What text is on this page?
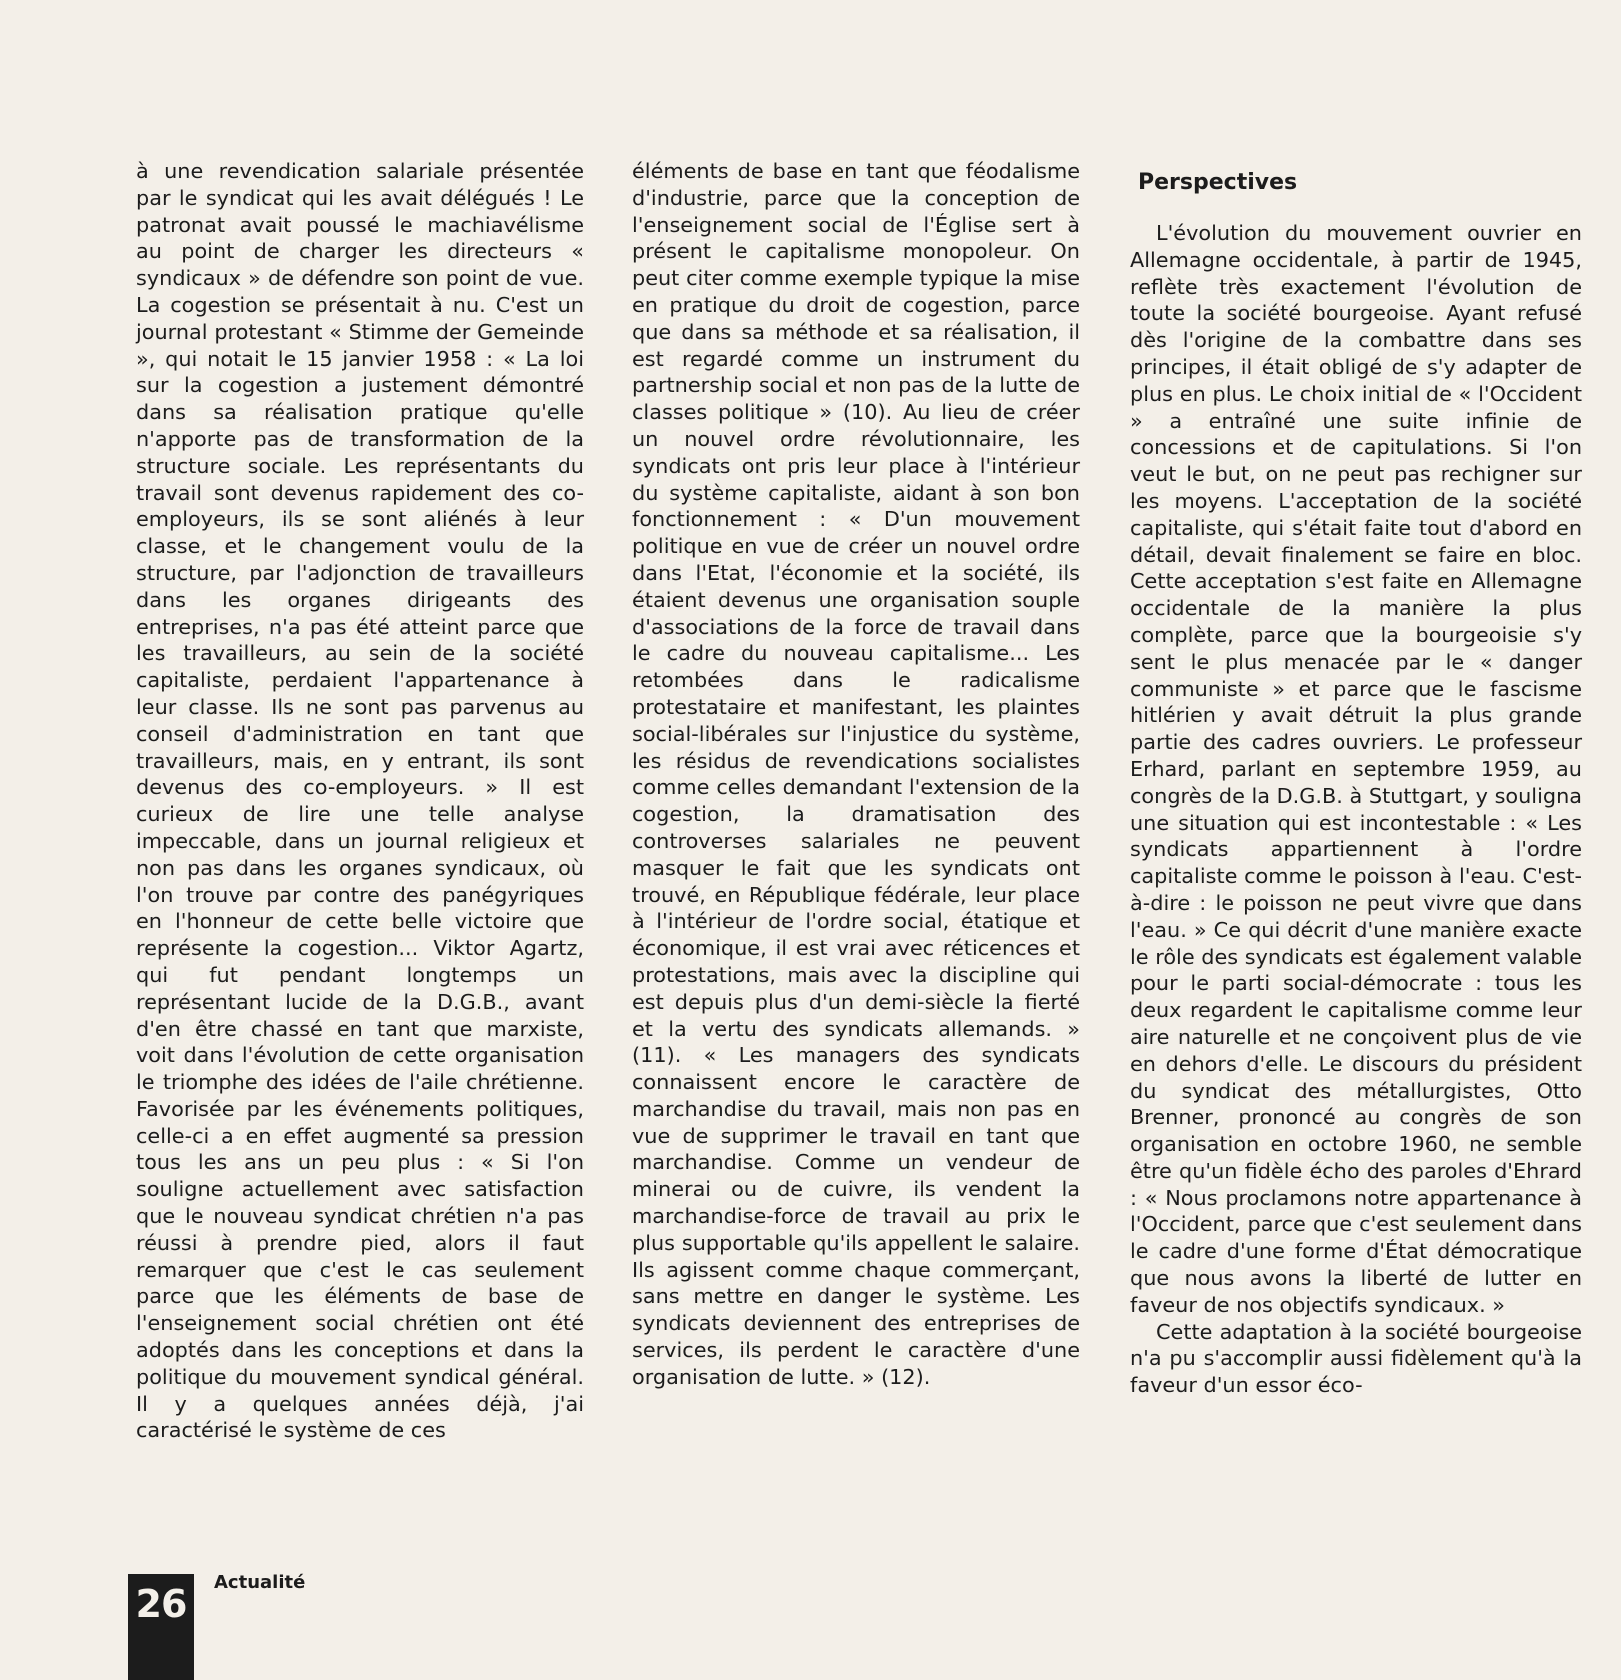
à une revendication salariale présentée par le syndicat qui les avait délégués ! Le patronat avait poussé le machiavélisme au point de charger les directeurs « syndicaux » de défendre son point de vue. La cogestion se présentait à nu. C'est un journal protestant « Stimme der Gemeinde », qui notait le 15 janvier 1958 : « La loi sur la cogestion a justement démontré dans sa réalisation pratique qu'elle n'apporte pas de transformation de la structure sociale. Les représentants du travail sont devenus rapidement des co-employeurs, ils se sont aliénés à leur classe, et le changement voulu de la structure, par l'adjonction de travailleurs dans les organes dirigeants des entreprises, n'a pas été atteint parce que les travailleurs, au sein de la société capitaliste, perdaient l'appartenance à leur classe. Ils ne sont pas parvenus au conseil d'administration en tant que travailleurs, mais, en y entrant, ils sont devenus des co-employeurs. » Il est curieux de lire une telle analyse impeccable, dans un journal religieux et non pas dans les organes syndicaux, où l'on trouve par contre des panégyriques en l'honneur de cette belle victoire que représente la cogestion... Viktor Agartz, qui fut pendant longtemps un représentant lucide de la D.G.B., avant d'en être chassé en tant que marxiste, voit dans l'évolution de cette organisation le triomphe des idées de l'aile chrétienne. Favorisée par les événements politiques, celle-ci a en effet augmenté sa pression tous les ans un peu plus : « Si l'on souligne actuellement avec satisfaction que le nouveau syndicat chrétien n'a pas réussi à prendre pied, alors il faut remarquer que c'est le cas seulement parce que les éléments de base de l'enseignement social chrétien ont été adoptés dans les conceptions et dans la politique du mouvement syndical général. Il y a quelques années déjà, j'ai caractérisé le système de ces

éléments de base en tant que féodalisme d'industrie, parce que la conception de l'enseignement social de l'Église sert à présent le capitalisme monopoleur. On peut citer comme exemple typique la mise en pratique du droit de cogestion, parce que dans sa méthode et sa réalisation, il est regardé comme un instrument du partnership social et non pas de la lutte de classes politique » (10). Au lieu de créer un nouvel ordre révolutionnaire, les syndicats ont pris leur place à l'intérieur du système capitaliste, aidant à son bon fonctionnement : « D'un mouvement politique en vue de créer un nouvel ordre dans l'Etat, l'économie et la société, ils étaient devenus une organisation souple d'associations de la force de travail dans le cadre du nouveau capitalisme... Les retombées dans le radicalisme protestataire et manifestant, les plaintes social-libérales sur l'injustice du système, les résidus de revendications socialistes comme celles demandant l'extension de la cogestion, la dramatisation des controverses salariales ne peuvent masquer le fait que les syndicats ont trouvé, en République fédérale, leur place à l'intérieur de l'ordre social, étatique et économique, il est vrai avec réticences et protestations, mais avec la discipline qui est depuis plus d'un demi-siècle la fierté et la vertu des syndicats allemands. » (11). « Les managers des syndicats connaissent encore le caractère de marchandise du travail, mais non pas en vue de supprimer le travail en tant que marchandise. Comme un vendeur de minerai ou de cuivre, ils vendent la marchandise-force de travail au prix le plus supportable qu'ils appellent le salaire. Ils agissent comme chaque commerçant, sans mettre en danger le système. Les syndicats deviennent des entreprises de services, ils perdent le caractère d'une organisation de lutte. » (12).

Perspectives

L'évolution du mouvement ouvrier en Allemagne occidentale, à partir de 1945, reflète très exactement l'évolution de toute la société bourgeoise. Ayant refusé dès l'origine de la combattre dans ses principes, il était obligé de s'y adapter de plus en plus. Le choix initial de « l'Occident » a entraîné une suite infinie de concessions et de capitulations. Si l'on veut le but, on ne peut pas rechigner sur les moyens. L'acceptation de la société capitaliste, qui s'était faite tout d'abord en détail, devait finalement se faire en bloc. Cette acceptation s'est faite en Allemagne occidentale de la manière la plus complète, parce que la bourgeoisie s'y sent le plus menacée par le « danger communiste » et parce que le fascisme hitlérien y avait détruit la plus grande partie des cadres ouvriers. Le professeur Erhard, parlant en septembre 1959, au congrès de la D.G.B. à Stuttgart, y souligna une situation qui est incontestable : « Les syndicats appartiennent à l'ordre capitaliste comme le poisson à l'eau. C'est-à-dire : le poisson ne peut vivre que dans l'eau. » Ce qui décrit d'une manière exacte le rôle des syndicats est également valable pour le parti social-démocrate : tous les deux regardent le capitalisme comme leur aire naturelle et ne conçoivent plus de vie en dehors d'elle. Le discours du président du syndicat des métallurgistes, Otto Brenner, prononcé au congrès de son organisation en octobre 1960, ne semble être qu'un fidèle écho des paroles d'Ehrard : « Nous proclamons notre appartenance à l'Occident, parce que c'est seulement dans le cadre d'une forme d'État démocratique que nous avons la liberté de lutter en faveur de nos objectifs syndicaux. »

Cette adaptation à la société bourgeoise n'a pu s'accomplir aussi fidèlement qu'à la faveur d'un essor éco-

26	Actualité
